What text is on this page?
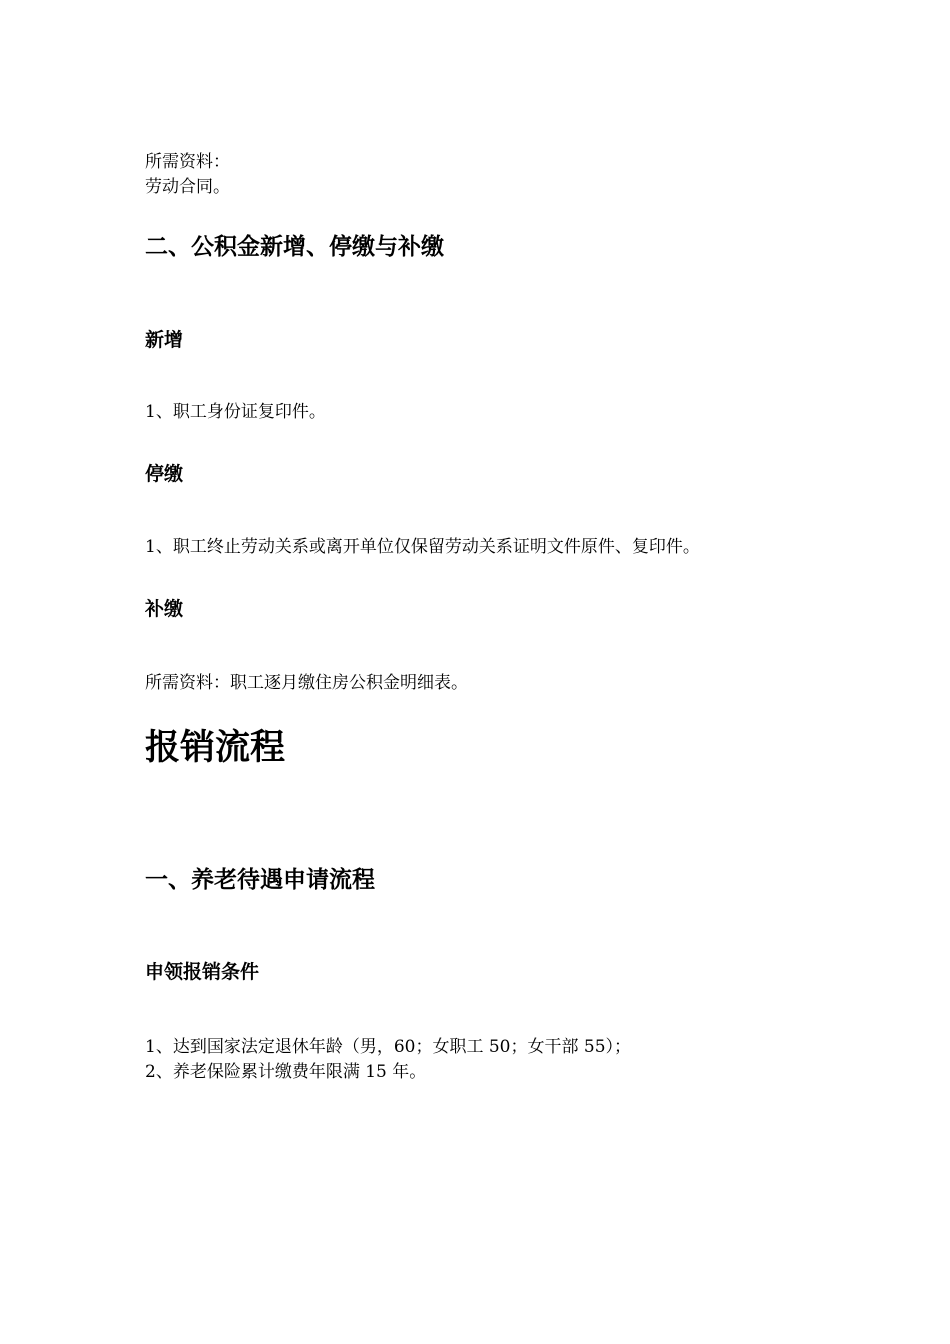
所需资料：

劳动合同。

二、公积金新增、停缴与补缴
新增

1、职工身份证复印件。

停缴

1、职工终止劳动关系或离开单位仅保留劳动关系证明文件原件、复印件。

补缴

所需资料：职工逐月缴住房公积金明细表。

报销流程
一、养老待遇申请流程
申领报销条件

1、达到国家法定退休年龄（男，60；女职工 50；女干部 55）；

2、养老保险累计缴费年限满 15 年。
